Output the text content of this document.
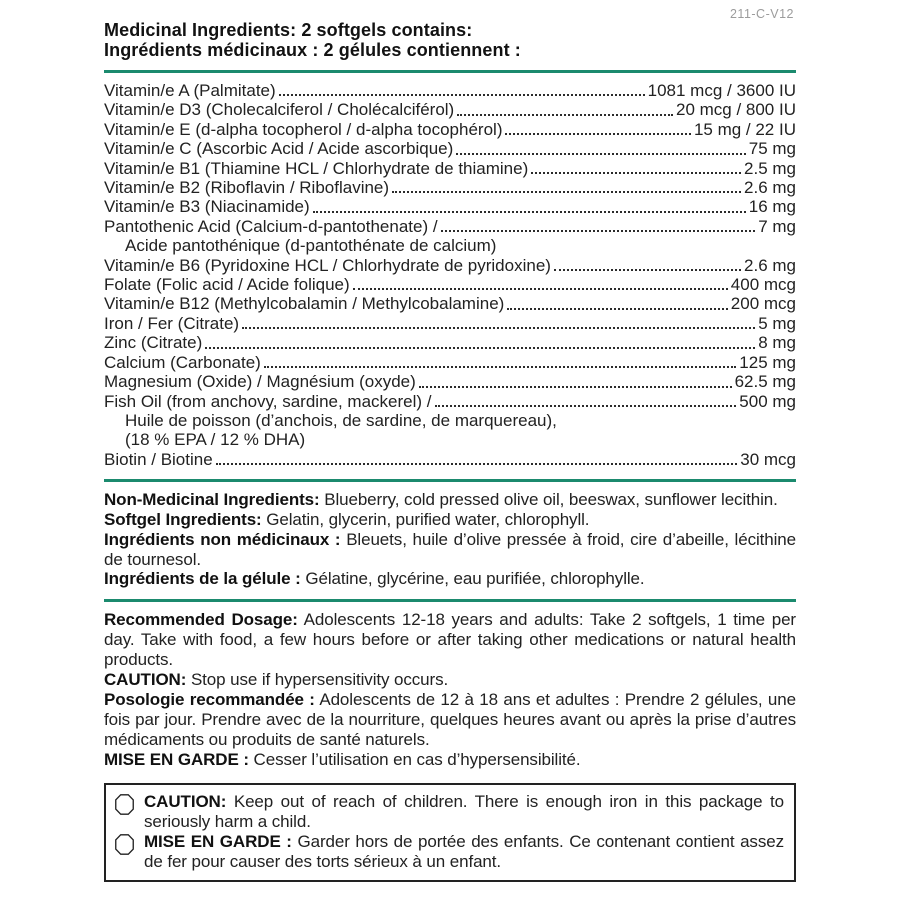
211-C-V12
Medicinal Ingredients: 2 softgels contains:
Ingrédients médicinaux : 2 gélules contiennent :
Vitamin/e A (Palmitate)	1081 mcg / 3600 IU
Vitamin/e D3 (Cholecalciferol / Cholécalciférol)	20 mcg / 800 IU
Vitamin/e E (d-alpha tocopherol / d-alpha tocophérol)	15 mg / 22 IU
Vitamin/e C (Ascorbic Acid / Acide ascorbique)	75 mg
Vitamin/e B1 (Thiamine HCL / Chlorhydrate de thiamine)	2.5 mg
Vitamin/e B2 (Riboflavin / Riboflavine)	2.6 mg
Vitamin/e B3 (Niacinamide)	16 mg
Pantothenic Acid (Calcium-d-pantothenate) /	7 mg
Acide pantothénique (d-pantothénate de calcium)
Vitamin/e B6 (Pyridoxine HCL / Chlorhydrate de pyridoxine)	2.6 mg
Folate (Folic acid / Acide folique)	400 mcg
Vitamin/e B12 (Methylcobalamin / Methylcobalamine)	200 mcg
Iron / Fer (Citrate)	5 mg
Zinc (Citrate)	8 mg
Calcium (Carbonate)	125 mg
Magnesium (Oxide) / Magnésium (oxyde)	62.5 mg
Fish Oil (from anchovy, sardine, mackerel) /	500 mg
Huile de poisson (d’anchois, de sardine, de marquereau),
(18 % EPA / 12 % DHA)
Biotin / Biotine	30 mcg

Non-Medicinal Ingredients: Blueberry, cold pressed olive oil, beeswax, sunflower lecithin.

Softgel Ingredients: Gelatin, glycerin, purified water, chlorophyll.

Ingrédients non médicinaux : Bleuets, huile d’olive pressée à froid, cire d’abeille, lécithine de tournesol.

Ingrédients de la gélule : Gélatine, glycérine, eau purifiée, chlorophylle.

Recommended Dosage: Adolescents 12-18 years and adults: Take 2 softgels, 1 time per day. Take with food, a few hours before or after taking other medications or natural health products.

CAUTION: Stop use if hypersensitivity occurs.

Posologie recommandée : Adolescents de 12 à 18 ans et adultes : Prendre 2 gélules, une fois par jour. Prendre avec de la nourriture, quelques heures avant ou après la prise d’autres médicaments ou produits de santé naturels.

MISE EN GARDE : Cesser l’utilisation en cas d’hypersensibilité.

CAUTION: Keep out of reach of children. There is enough iron in this package to seriously harm a child.

MISE EN GARDE : Garder hors de portée des enfants. Ce contenant contient assez de fer pour causer des torts sérieux à un enfant.
